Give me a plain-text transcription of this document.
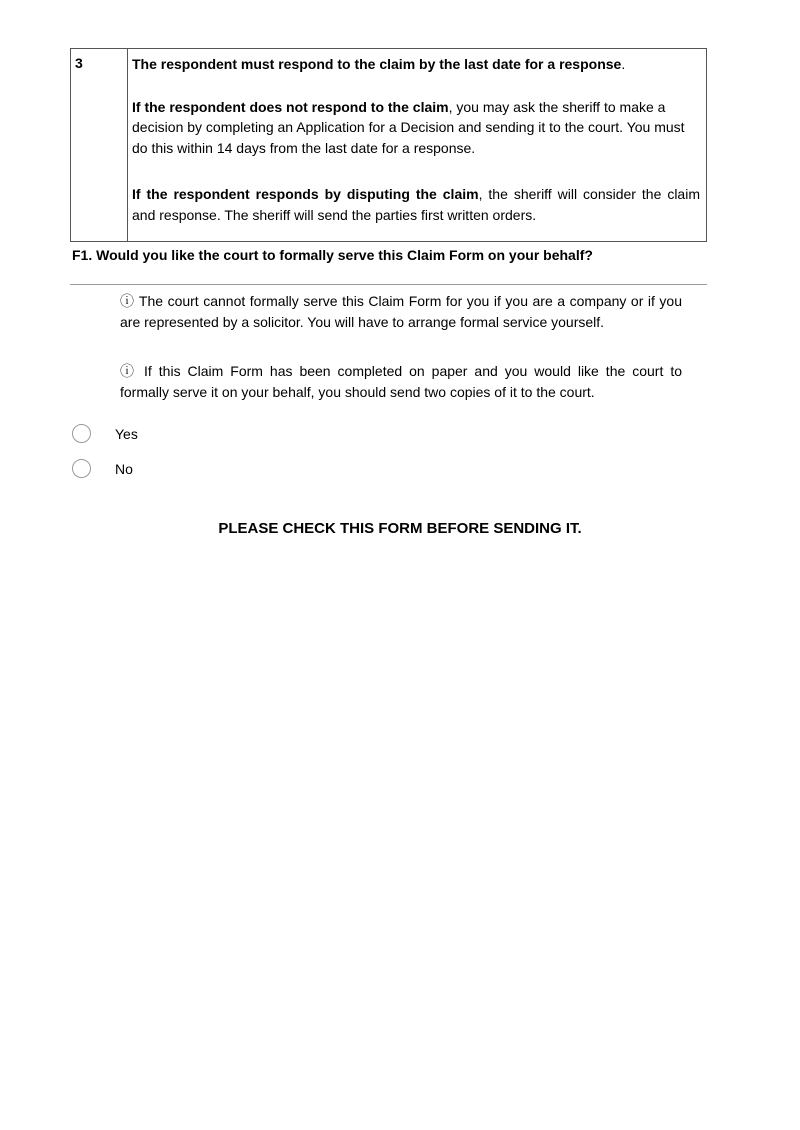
3	The respondent must respond to the claim by the last date for a response.

If the respondent does not respond to the claim, you may ask the sheriff to make a decision by completing an Application for a Decision and sending it to the court. You must do this within 14 days from the last date for a response.

If the respondent responds by disputing the claim, the sheriff will consider the claim and response. The sheriff will send the parties first written orders.

F1. Would you like the court to formally serve this Claim Form on your behalf?
ⓘ The court cannot formally serve this Claim Form for you if you are a company or if you are represented by a solicitor. You will have to arrange formal service yourself.
ⓘ If this Claim Form has been completed on paper and you would like the court to formally serve it on your behalf, you should send two copies of it to the court.
Yes
No
PLEASE CHECK THIS FORM BEFORE SENDING IT.
